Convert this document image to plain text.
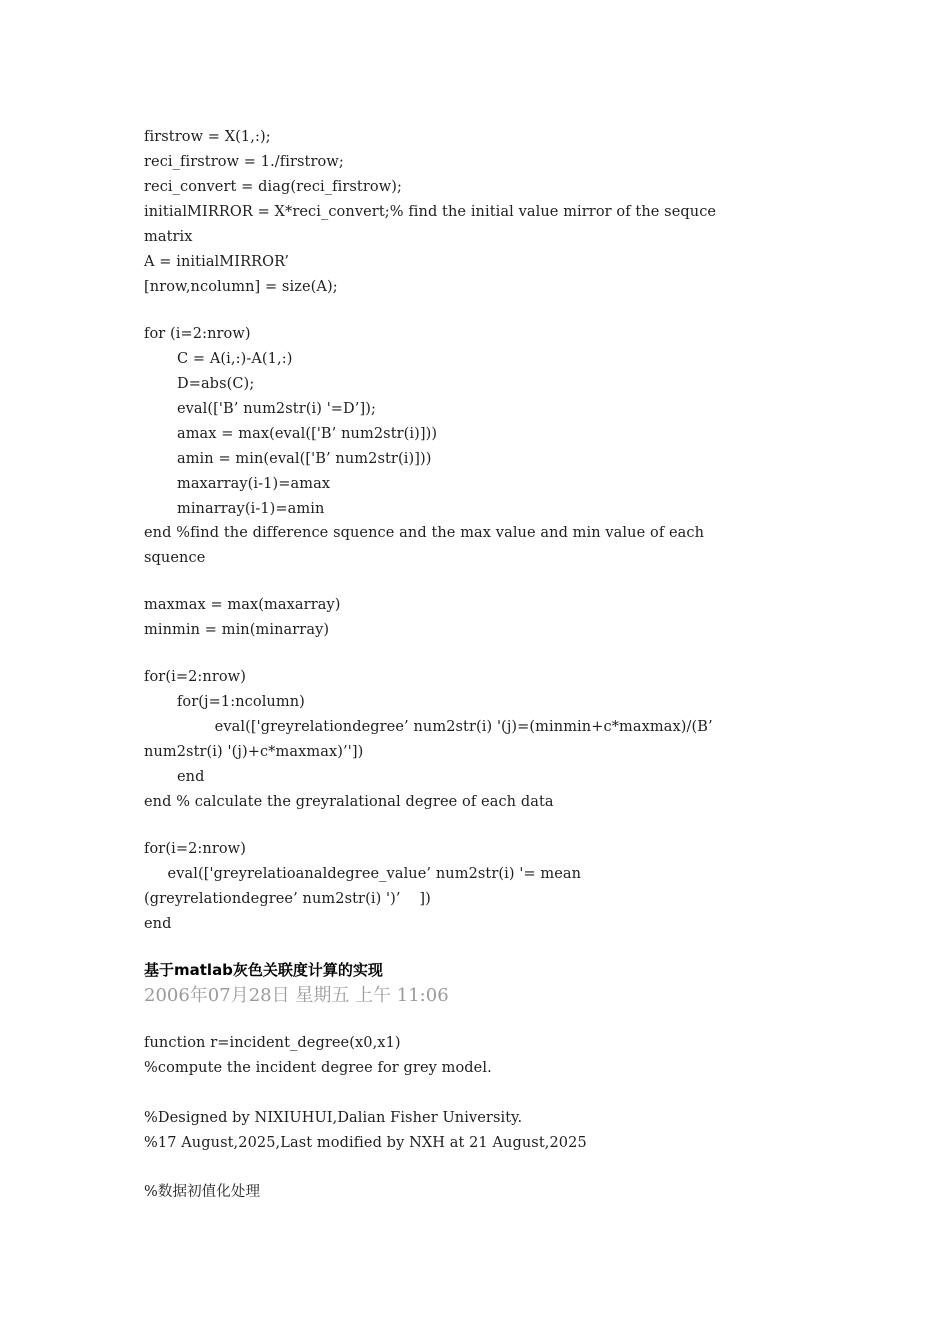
firstrow = X(1,:);
reci_firstrow = 1./firstrow;
reci_convert = diag(reci_firstrow);
initialMIRROR = X*reci_convert;% find the initial value mirror of the sequce
matrix
A = initialMIRROR’
[nrow,ncolumn] = size(A);
for (i=2:nrow)
C = A(i,:)-A(1,:)
D=abs(C);
eval(['B’ num2str(i) '=D’]);
amax = max(eval(['B’ num2str(i)]))
amin = min(eval(['B’ num2str(i)]))
maxarray(i-1)=amax
minarray(i-1)=amin
end %find the difference squence and the max value and min value of each
squence
maxmax = max(maxarray)
minmin = min(minarray)
for(i=2:nrow)
for(j=1:ncolumn)
eval(['greyrelationdegree’ num2str(i) '(j)=(minmin+c*maxmax)/(B’
num2str(i) '(j)+c*maxmax)’'])
end
end % calculate the greyralational degree of each data
for(i=2:nrow)
eval(['greyrelatioanaldegree_value’ num2str(i) '= mean
(greyrelationdegree’ num2str(i) ')’    ])
end
基于matlab灰色关联度计算的实现
2006年07月28日 星期五 上午 11:06
function r=incident_degree(x0,x1)
%compute the incident degree for grey model.
%Designed by NIXIUHUI,Dalian Fisher University.
%17 August,2025,Last modified by NXH at 21 August,2025
%数据初值化处理
